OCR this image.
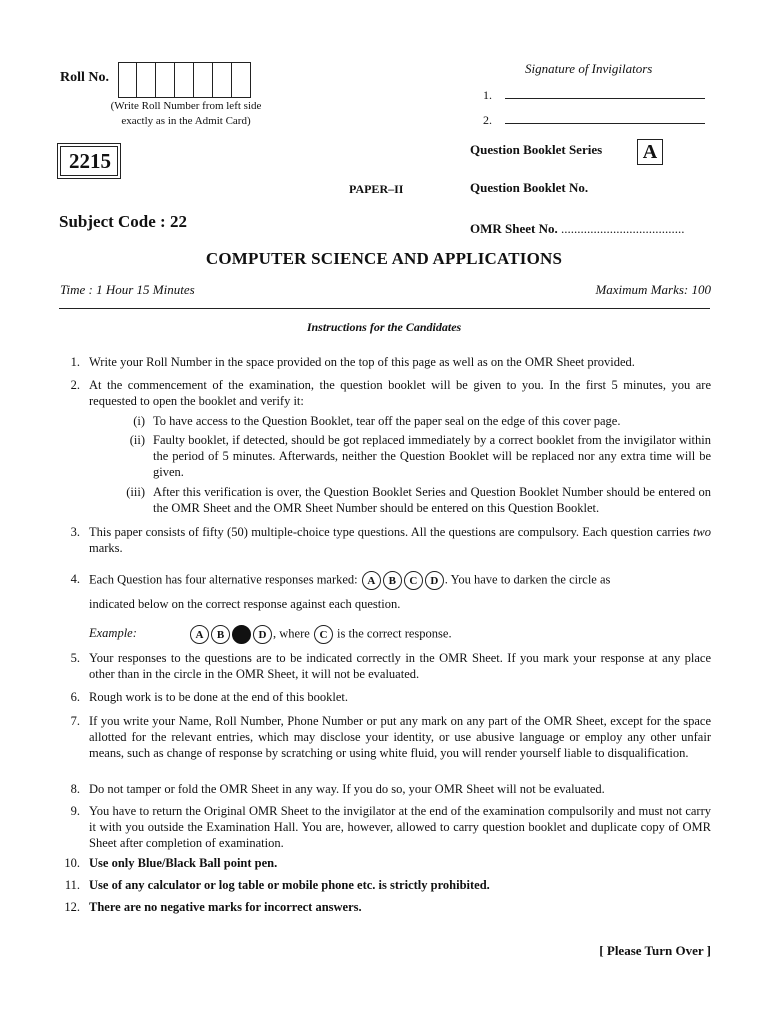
Roll No.
(Write Roll Number from left side
exactly as in the Admit Card)
2215
Signature of Invigilators
1.
2.
Question Booklet Series A
PAPER–II	Question Booklet No.
Subject Code : 22	OMR Sheet No. ......................................
COMPUTER SCIENCE AND APPLICATIONS
Time : 1 Hour 15 Minutes	Maximum Marks: 100
Instructions for the Candidates
1. Write your Roll Number in the space provided on the top of this page as well as on the OMR Sheet provided.
2. At the commencement of the examination, the question booklet will be given to you. In the first 5 minutes, you are requested to open the booklet and verify it:
(i) To have access to the Question Booklet, tear off the paper seal on the edge of this cover page.
(ii) Faulty booklet, if detected, should be got replaced immediately by a correct booklet from the invigilator within the period of 5 minutes. Afterwards, neither the Question Booklet will be replaced nor any extra time will be given.
(iii) After this verification is over, the Question Booklet Series and Question Booklet Number should be entered on the OMR Sheet and the OMR Sheet Number should be entered on this Question Booklet.
3. This paper consists of fifty (50) multiple-choice type questions. All the questions are compulsory. Each question carries two marks.
4. Each Question has four alternative responses marked: A B C D . You have to darken the circle as
indicated below on the correct response against each question.
Example:	A B	D , where C is the correct response.
5. Your responses to the questions are to be indicated correctly in the OMR Sheet. If you mark your response at any place other than in the circle in the OMR Sheet, it will not be evaluated.
6. Rough work is to be done at the end of this booklet.
7. If you write your Name, Roll Number, Phone Number or put any mark on any part of the OMR Sheet, except for the space allotted for the relevant entries, which may disclose your identity, or use abusive language or employ any other unfair means, such as change of response by scratching or using white fluid, you will render yourself liable to disqualification.
8. Do not tamper or fold the OMR Sheet in any way. If you do so, your OMR Sheet will not be evaluated.
9. You have to return the Original OMR Sheet to the invigilator at the end of the examination compulsorily and must not carry it with you outside the Examination Hall. You are, however, allowed to carry question booklet and duplicate copy of OMR Sheet after completion of examination.
10. Use only Blue/Black Ball point pen.
11. Use of any calculator or log table or mobile phone etc. is strictly prohibited.
12. There are no negative marks for incorrect answers.
[ Please Turn Over ]
